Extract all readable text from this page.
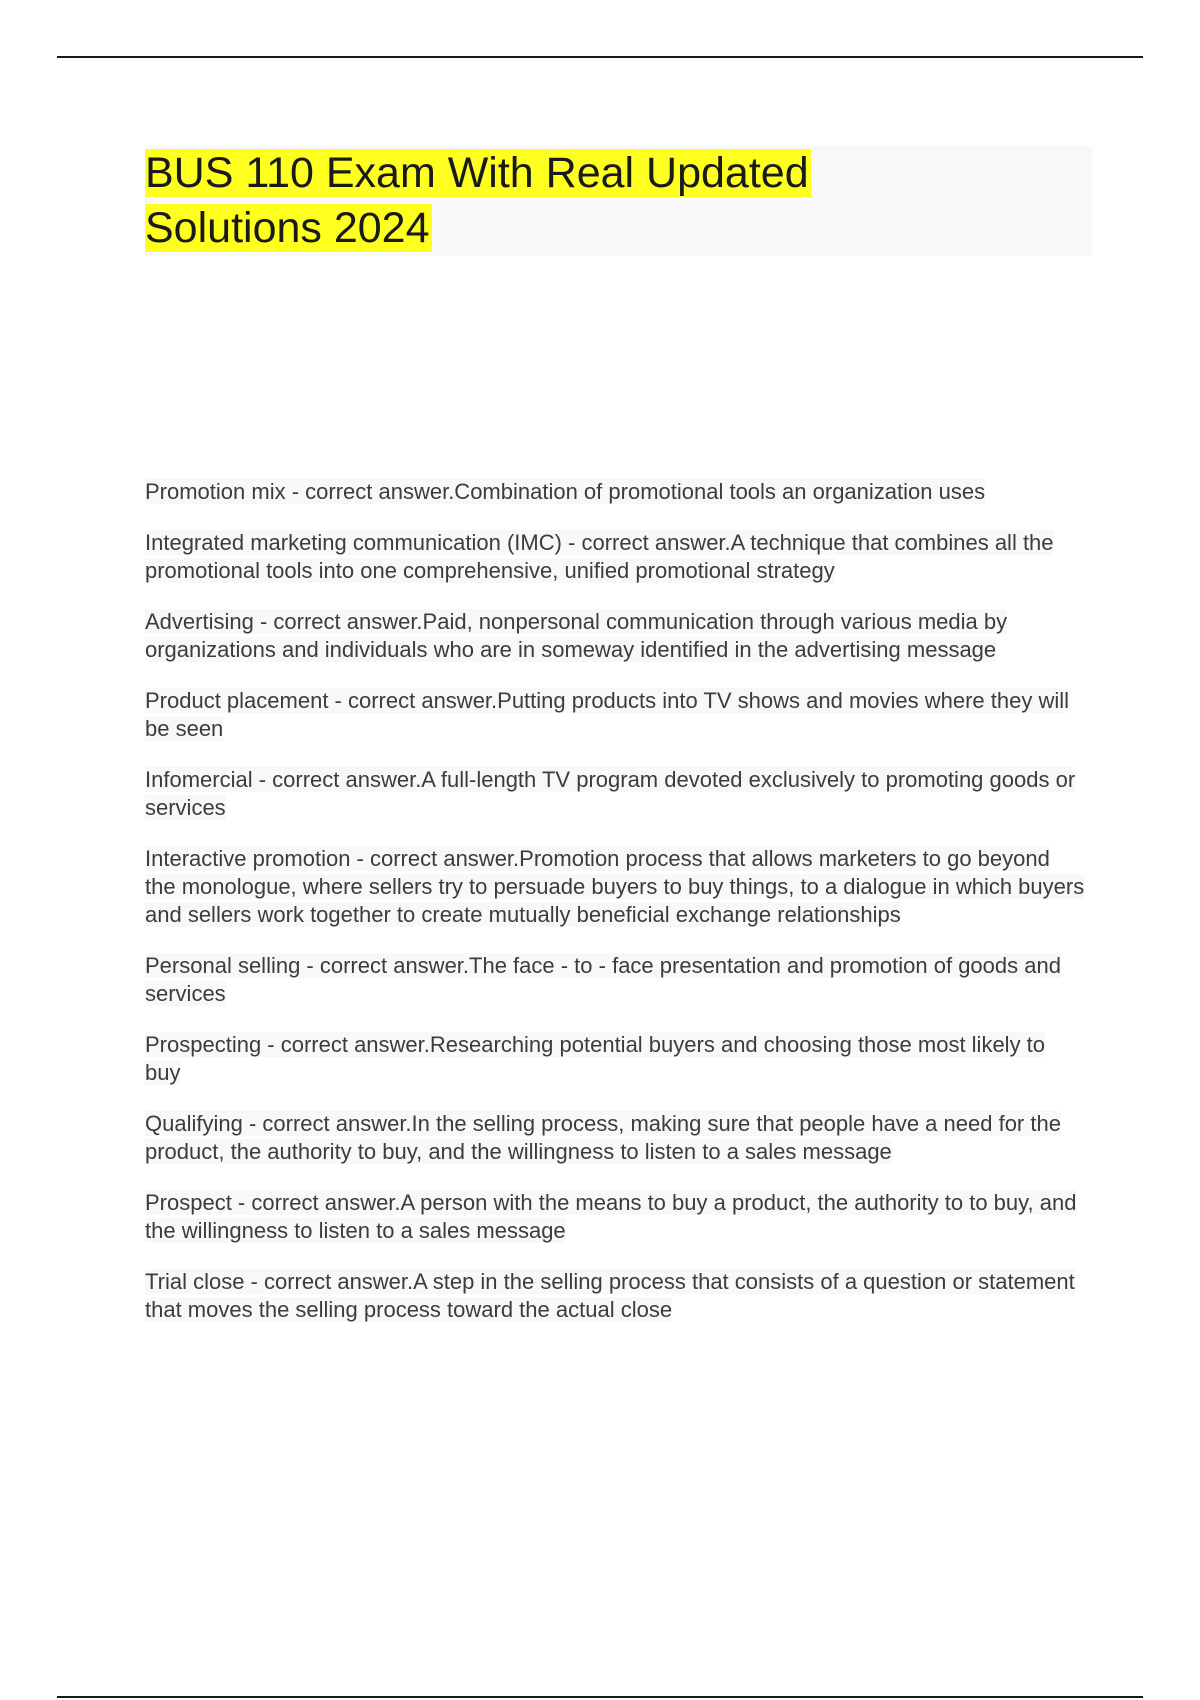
BUS 110 Exam With Real Updated
Solutions 2024

Promotion mix - correct answer.Combination of promotional tools an organization uses

Integrated marketing communication (IMC) - correct answer.A technique that combines all the promotional tools into one comprehensive, unified promotional strategy

Advertising - correct answer.Paid, nonpersonal communication through various media by organizations and individuals who are in someway identified in the advertising message

Product placement - correct answer.Putting products into TV shows and movies where they will be seen

Infomercial - correct answer.A full-length TV program devoted exclusively to promoting goods or services

Interactive promotion - correct answer.Promotion process that allows marketers to go beyond the monologue, where sellers try to persuade buyers to buy things, to a dialogue in which buyers and sellers work together to create mutually beneficial exchange relationships

Personal selling - correct answer.The face - to - face presentation and promotion of goods and services

Prospecting - correct answer.Researching potential buyers and choosing those most likely to buy

Qualifying - correct answer.In the selling process, making sure that people have a need for the product, the authority to buy, and the willingness to listen to a sales message

Prospect - correct answer.A person with the means to buy a product, the authority to to buy, and the willingness to listen to a sales message

Trial close - correct answer.A step in the selling process that consists of a question or statement that moves the selling process toward the actual close
